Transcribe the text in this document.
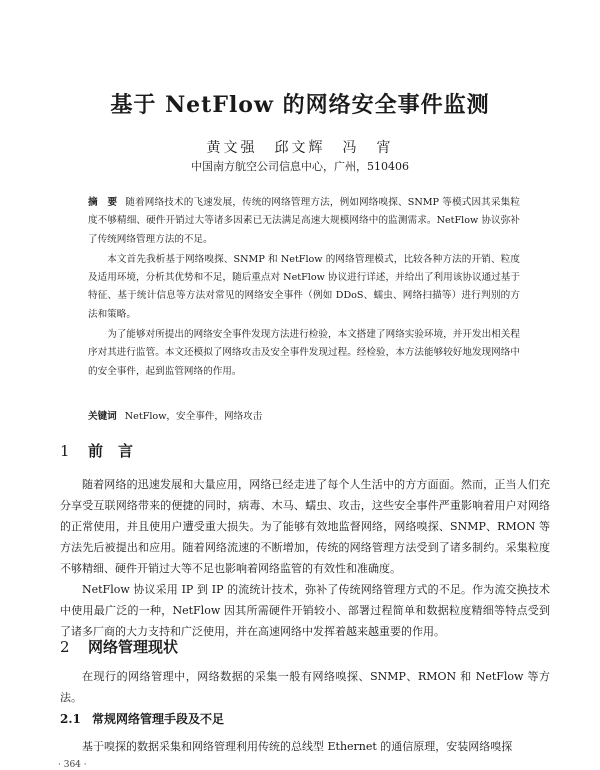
基于 NetFlow 的网络安全事件监测
黄文强　邱文辉　冯　宵
中国南方航空公司信息中心，广州，510406

摘　要 随着网络技术的飞速发展，传统的网络管理方法，例如网络嗅探、SNMP 等模式因其采集粒度不够精细、硬件开销过大等诸多因素已无法满足高速大规模网络中的监测需求。NetFlow 协议弥补了传统网络管理方法的不足。

本文首先我析基于网络嗅探、SNMP 和 NetFlow 的网络管理模式，比较各种方法的开销、粒度及适用环境，分析其优势和不足，随后重点对 NetFlow 协议进行详述，并给出了利用该协议通过基于特征、基于统计信息等方法对常见的网络安全事件（例如 DDoS、蠕虫、网络扫描等）进行判别的方法和策略。

为了能够对所提出的网络安全事件发现方法进行检验，本文搭建了网络实验环境，并开发出相关程序对其进行监管。本文还模拟了网络攻击及安全事件发现过程。经检验，本方法能够较好地发现网络中的安全事件，起到监管网络的作用。

关键词 NetFlow，安全事件，网络攻击
1 前　言

随着网络的迅速发展和大量应用，网络已经走进了每个人生活中的方方面面。然而，正当人们充分享受互联网络带来的便捷的同时，病毒、木马、蠕虫、攻击，这些安全事件严重影响着用户对网络的正常使用，并且使用户遭受重大损失。为了能够有效地监督网络，网络嗅探、SNMP、RMON 等方法先后被提出和应用。随着网络流速的不断增加，传统的网络管理方法受到了诸多制约。采集粒度不够精细、硬件开销过大等不足也影响着网络监管的有效性和准确度。

NetFlow 协议采用 IP 到 IP 的流统计技术，弥补了传统网络管理方式的不足。作为流交换技术中使用最广泛的一种，NetFlow 因其所需硬件开销较小、部署过程简单和数据粒度精细等特点受到了诸多厂商的大力支持和广泛使用，并在高速网络中发挥着越来越重要的作用。

2 网络管理现状

在现行的网络管理中，网络数据的采集一般有网络嗅探、SNMP、RMON 和 NetFlow 等方法。

2.1 常规网络管理手段及不足

基于嗅探的数据采集和网络管理利用传统的总线型 Ethernet 的通信原理，安装网络嗅探

· 364 ·
